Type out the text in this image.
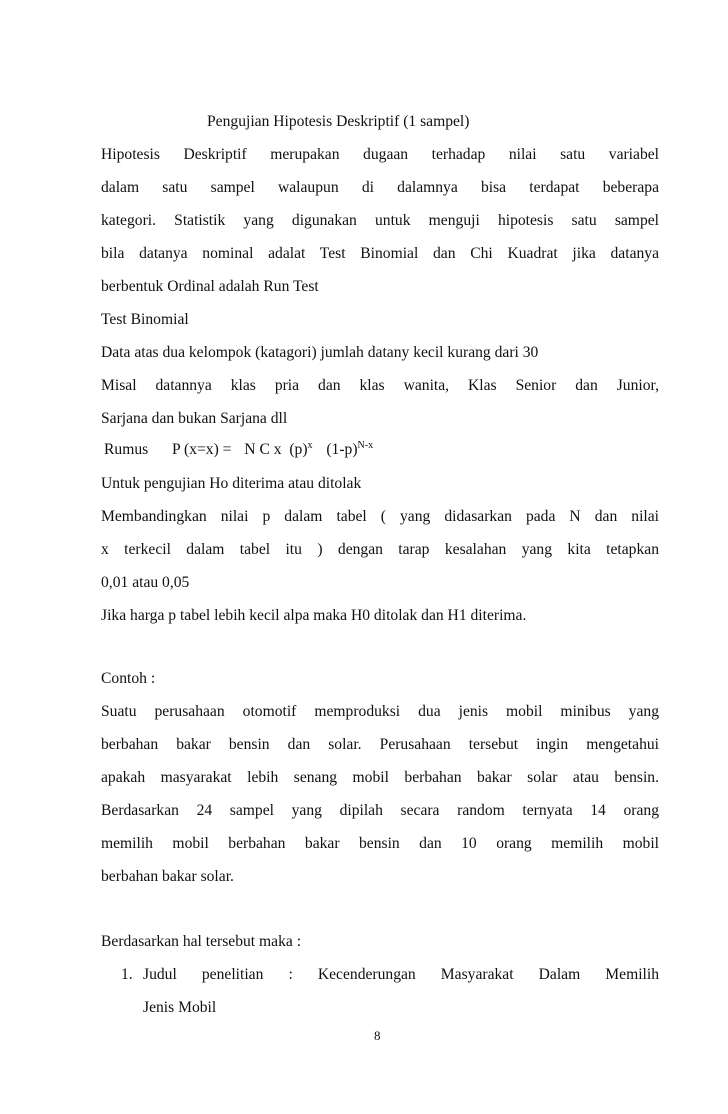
Pengujian Hipotesis Deskriptif (1 sampel)
Hipotesis Deskriptif merupakan dugaan terhadap nilai satu variabel
dalam satu sampel walaupun di dalamnya bisa terdapat beberapa
kategori. Statistik yang digunakan untuk menguji hipotesis satu sampel
bila datanya nominal adalat Test Binomial dan Chi Kuadrat jika datanya
berbentuk Ordinal adalah Run Test
Test Binomial
Data atas dua kelompok (katagori) jumlah datany kecil kurang dari 30
Misal datannya klas pria dan klas wanita, Klas Senior dan Junior,
Sarjana dan bukan Sarjana dll
Rumus P (x=x) = N C x  $(p)^x$ $(1-p)^{N-x}$
Untuk pengujian Ho diterima atau ditolak
Membandingkan nilai p dalam tabel ( yang didasarkan pada N dan nilai
x terkecil dalam tabel itu ) dengan tarap kesalahan yang kita tetapkan
0,01 atau 0,05
Jika harga p tabel lebih kecil alpa maka H0 ditolak dan H1 diterima.
Contoh :
Suatu perusahaan otomotif memproduksi dua jenis mobil minibus yang
berbahan bakar bensin dan solar. Perusahaan tersebut ingin mengetahui
apakah masyarakat lebih senang mobil berbahan bakar solar atau bensin.
Berdasarkan 24 sampel yang dipilah secara random ternyata 14 orang
memilih mobil berbahan bakar bensin dan 10 orang memilih mobil
berbahan bakar solar.
Berdasarkan hal tersebut maka :
1. Judul penelitian : Kecenderungan Masyarakat Dalam Memilih
Jenis Mobil
8
